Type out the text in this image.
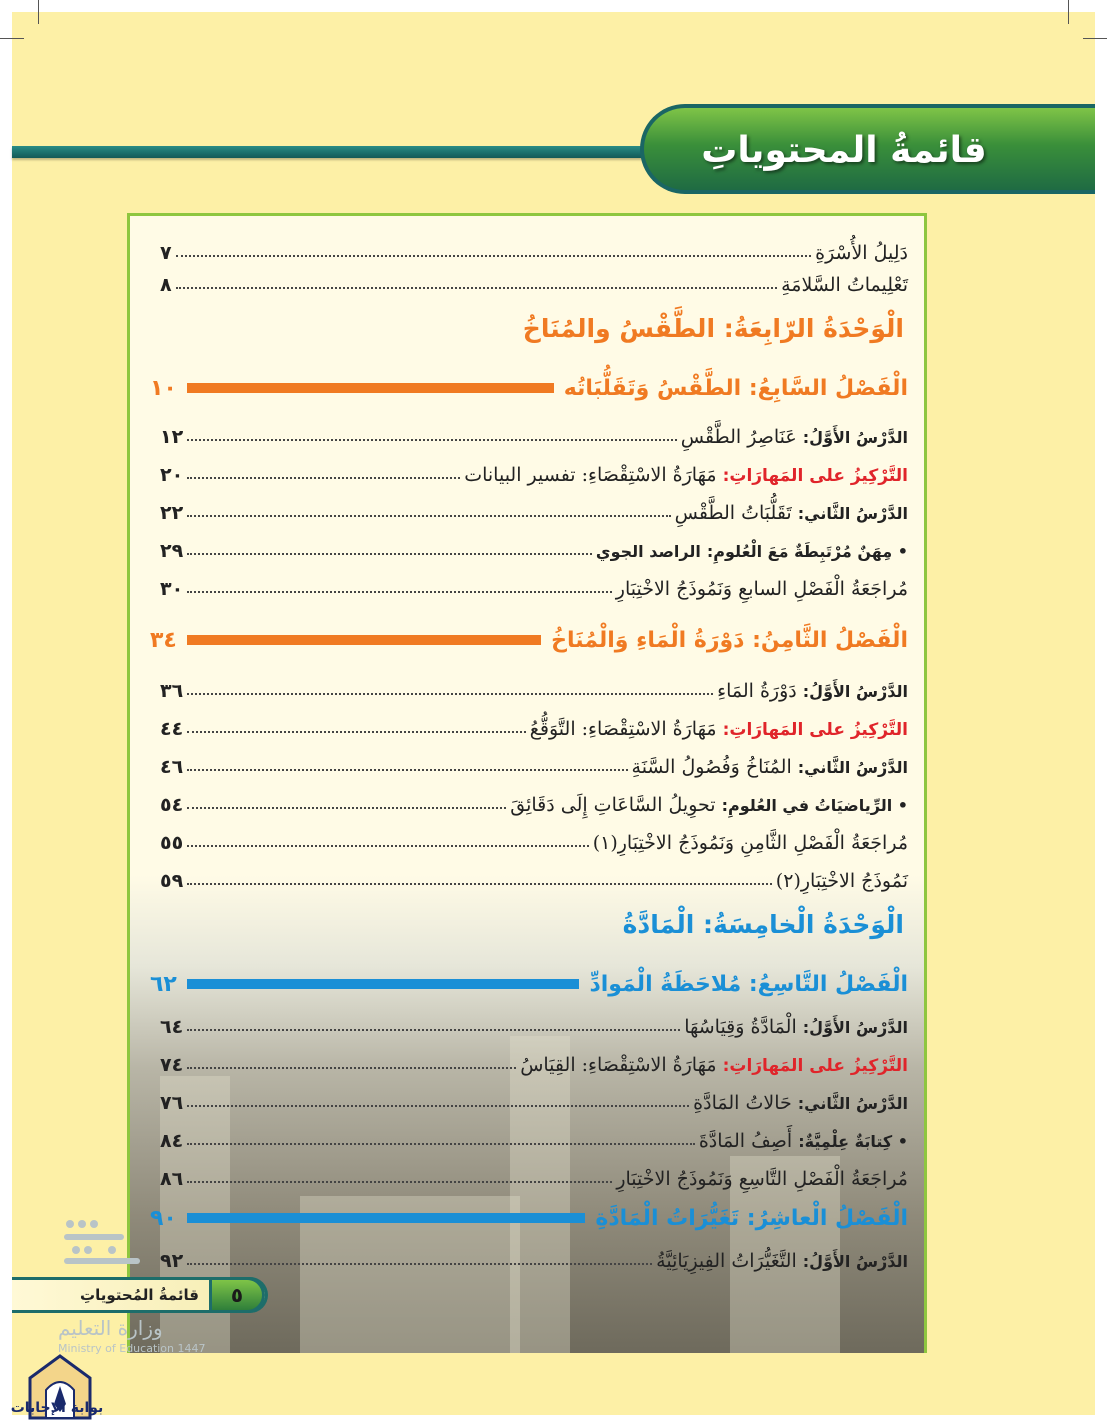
قائمةُ المحتوياتِ
دَلِيلُ الأُسْرَةِ
٧
تَعْلِيماتُ السَّلامَةِ
٨
الْوَحْدَةُ الرّابِعَةُ: الطَّقْسُ والمُنَاخُ
الْفَصْلُ السَّابِعُ: الطَّقْسُ وَتَقَلُّبَاتُه
١٠
الدَّرْسُ الأَوَّلُ: عَنَاصِرُ الطَّقْسِ
١٢
التَّرْكِيزُ على المَهارَاتِ: مَهَارَةُ الاسْتِقْصَاءِ: تفسير البيانات
٢٠
الدَّرْسُ الثَّاني: تَقَلُّبَاتُ الطَّقْسِ
٢٢
• مِهَنٌ مُرْتَبِطَةٌ مَعَ الْعُلومِ: الراصد الجوي
٢٩
مُراجَعَةُ الْفَصْلِ السابعِ وَنَمُوذَجُ الاخْتِبَارِ
٣٠
الْفَصْلُ الثَّامِنُ: دَوْرَةُ الْمَاءِ وَالْمُنَاخُ
٣٤
الدَّرْسُ الأَوَّلُ: دَوْرَةُ المَاءِ
٣٦
التَّرْكِيزُ على المَهارَاتِ: مَهَارَةُ الاسْتِقْصَاءِ: التَّوَقُّعُ
٤٤
الدَّرْسُ الثَّاني: المُنَاخُ وَفُصُولُ السَّنَةِ
٤٦
• الرِّياضيَاتُ في العُلومِ: تحوِيلُ السَّاعَاتِ إِلَى دَقَائِقَ
٥٤
مُراجَعَةُ الْفَصْلِ الثَّامِنِ وَنَمُوذَجُ الاخْتِبَارِ(١)
٥٥
نَمُوذَجُ الاخْتِبَارِ(٢)
٥٩
الْوَحْدَةُ الْخامِسَةُ: الْمَادَّةُ
الْفَصْلُ التَّاسِعُ: مُلاحَظَةُ الْمَوادِّ
٦٢
الدَّرْسُ الأَوَّلُ: الْمَادَّةُ وَقِيَاسُهَا
٦٤
التَّرْكِيزُ على المَهارَاتِ: مَهَارَةُ الاسْتِقْصَاءِ: القِيَاسُ
٧٤
الدَّرْسُ الثَّاني: حَالاتُ المَادَّةِ
٧٦
• كِتابَةٌ عِلْمِيَّةٌ: أَصِفُ المَادَّةَ
٨٤
مُراجَعَةُ الْفَصْلِ التَّاسِعِ وَنَمُوذَجُ الاخْتِبَارِ
٨٦
الْفَصْلُ الْعاشِرُ: تَغَيُّرَاتُ الْمَادَّةِ
٩٠
الدَّرْسُ الأَوَّلُ: التَّغَيُّرَاتُ الفِيزِيَائِيَّةُ
٩٢
قائمةُ المُحتوياتِ	٥
وزارة التعليم
Ministry of Education 1447
بوابة الإجابات
